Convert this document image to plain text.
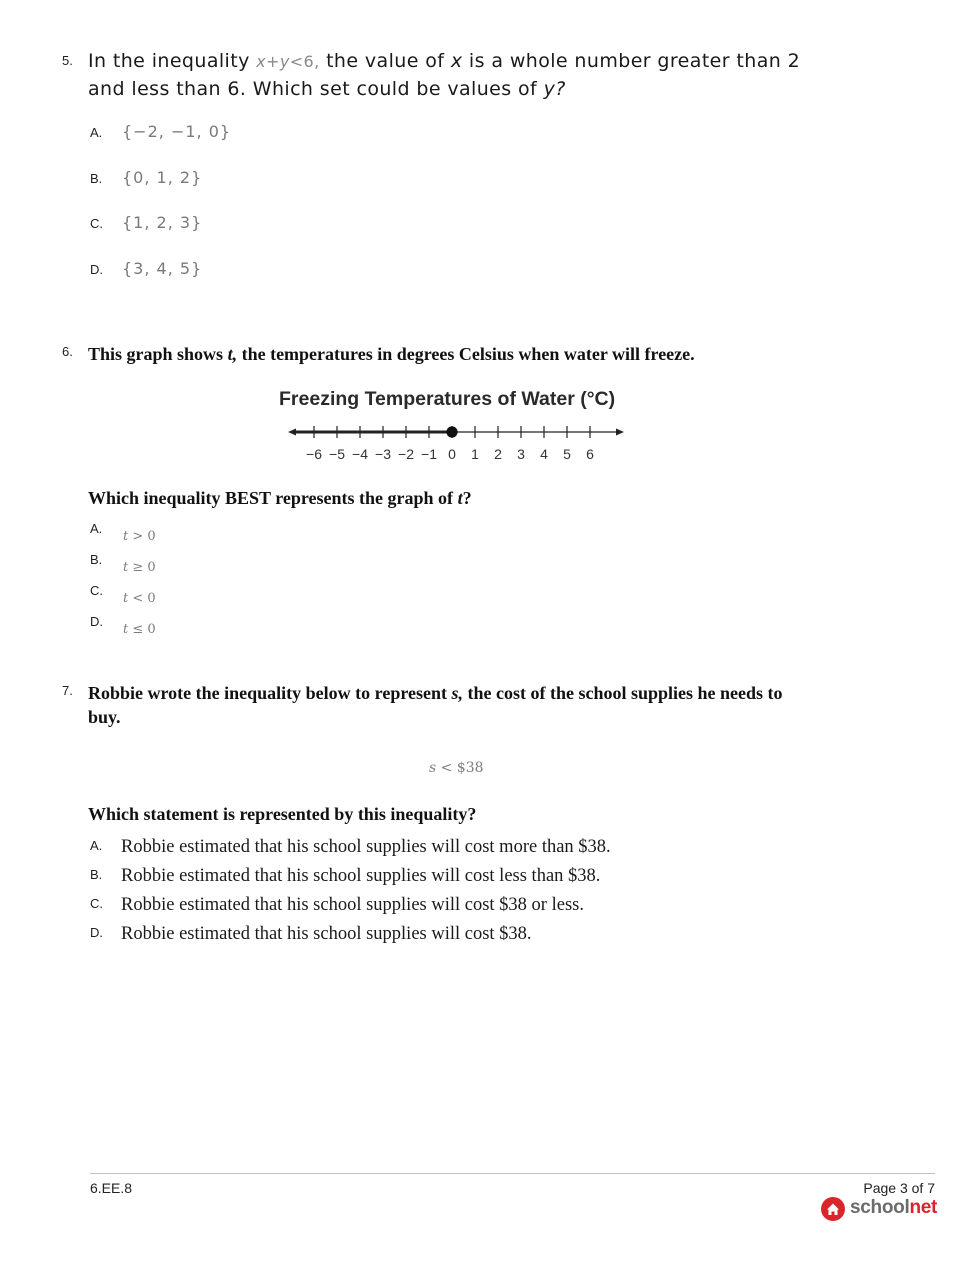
5. In the inequality x+y<6, the value of x is a whole number greater than 2
and less than 6. Which set could be values of y?
A. {−2, −1, 0}
B. {0, 1, 2}
C. {1, 2, 3}
D. {3, 4, 5}
6. This graph shows t, the temperatures in degrees Celsius when water will freeze.
Freezing Temperatures of Water (°C)
−6 −5 −4 −3 −2 −1 0 1 2 3 4 5 6
Which inequality BEST represents the graph of t?
A.
t > 0
B.
t ≥ 0
C.
t < 0
D.
t ≤ 0
7. Robbie wrote the inequality below to represent s, the cost of the school supplies he needs to
buy.
s < $38
Which statement is represented by this inequality?
A. Robbie estimated that his school supplies will cost more than $38.
B. Robbie estimated that his school supplies will cost less than $38.
C. Robbie estimated that his school supplies will cost $38 or less.
D. Robbie estimated that his school supplies will cost $38.
6.EE.8	Page 3 of 7
schoolnet
